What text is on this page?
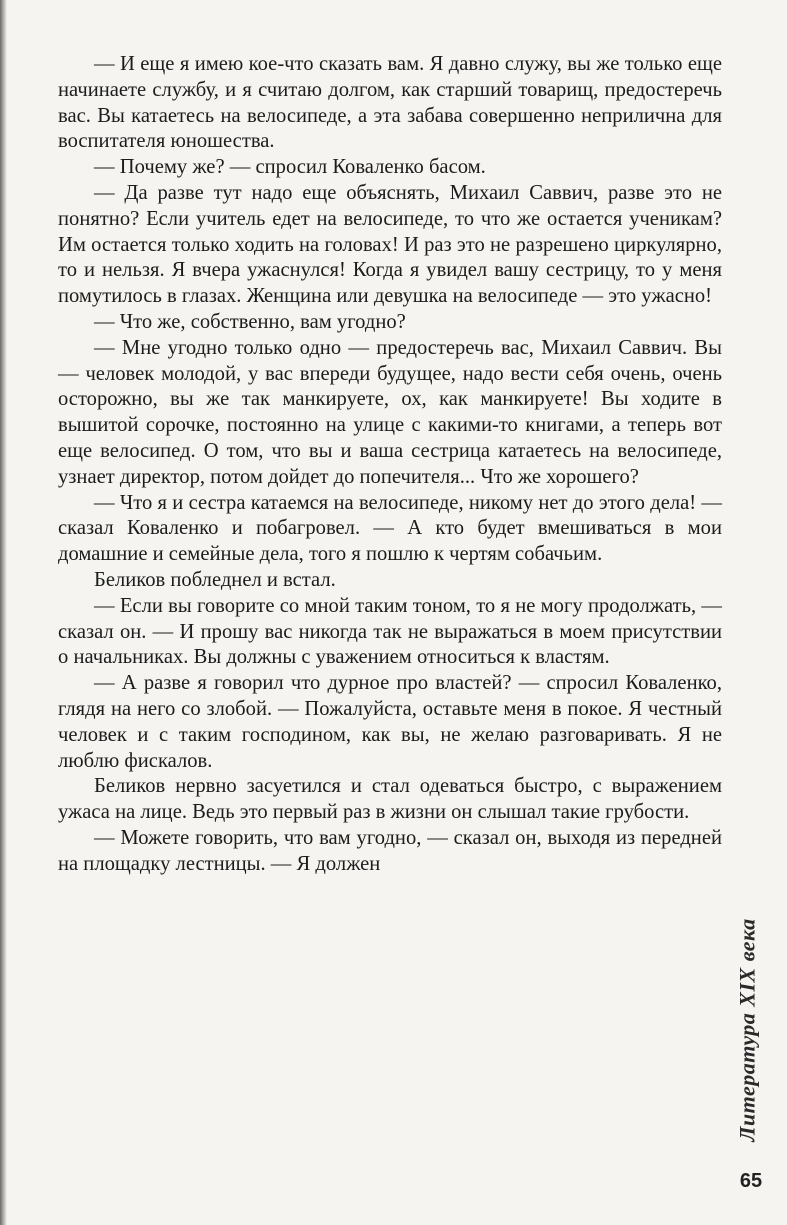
— И еще я имею кое-что сказать вам. Я давно служу, вы же только еще начинаете службу, и я считаю долгом, как старший товарищ, предостеречь вас. Вы катаетесь на велосипеде, а эта забава совершенно неприлична для воспитателя юношества.

— Почему же? — спросил Коваленко басом.

— Да разве тут надо еще объяснять, Михаил Саввич, разве это не понятно? Если учитель едет на велосипеде, то что же остается ученикам? Им остается только ходить на головах! И раз это не разрешено циркулярно, то и нельзя. Я вчера ужаснулся! Когда я увидел вашу сестрицу, то у меня помутилось в глазах. Женщина или девушка на велосипеде — это ужасно!

— Что же, собственно, вам угодно?

— Мне угодно только одно — предостеречь вас, Михаил Саввич. Вы — человек молодой, у вас впереди будущее, надо вести себя очень, очень осторожно, вы же так манкируете, ох, как манкируете! Вы ходите в вышитой сорочке, постоянно на улице с какими-то книгами, а теперь вот еще велосипед. О том, что вы и ваша сестрица катаетесь на велосипеде, узнает директор, потом дойдет до попечителя... Что же хорошего?

— Что я и сестра катаемся на велосипеде, никому нет до этого дела! — сказал Коваленко и побагровел. — А кто будет вмешиваться в мои домашние и семейные дела, того я пошлю к чертям собачьим.

Беликов побледнел и встал.

— Если вы говорите со мной таким тоном, то я не могу продолжать, — сказал он. — И прошу вас никогда так не выражаться в моем присутствии о начальниках. Вы должны с уважением относиться к властям.

— А разве я говорил что дурное про властей? — спросил Коваленко, глядя на него со злобой. — Пожалуйста, оставьте меня в покое. Я честный человек и с таким господином, как вы, не желаю разговаривать. Я не люблю фискалов.

Беликов нервно засуетился и стал одеваться быстро, с выражением ужаса на лице. Ведь это первый раз в жизни он слышал такие грубости.

— Можете говорить, что вам угодно, — сказал он, выходя из передней на площадку лестницы. — Я должен

Литература XIX века
65
